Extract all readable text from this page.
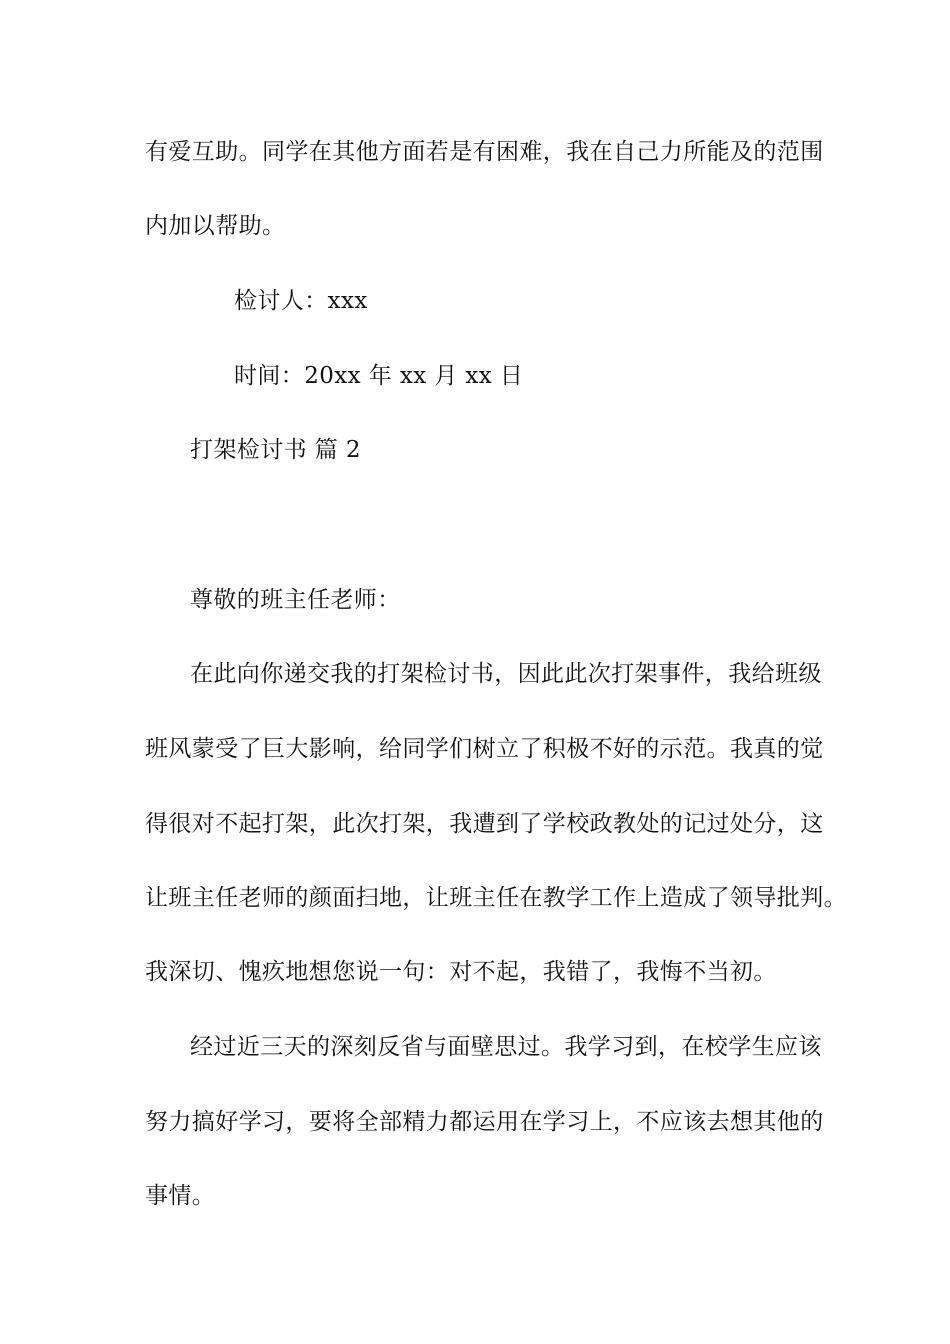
有爱互助。同学在其他方面若是有困难，我在自己力所能及的范围
内加以帮助。
检讨人：xxx
时间：20xx 年 xx 月 xx 日
打架检讨书 篇 2
尊敬的班主任老师：
在此向你递交我的打架检讨书，因此此次打架事件，我给班级
班风蒙受了巨大影响，给同学们树立了积极不好的示范。我真的觉
得很对不起打架，此次打架，我遭到了学校政教处的记过处分，这
让班主任老师的颜面扫地，让班主任在教学工作上造成了领导批判。
我深切、愧疚地想您说一句：对不起，我错了，我悔不当初。
经过近三天的深刻反省与面壁思过。我学习到，在校学生应该
努力搞好学习，要将全部精力都运用在学习上，不应该去想其他的
事情。
